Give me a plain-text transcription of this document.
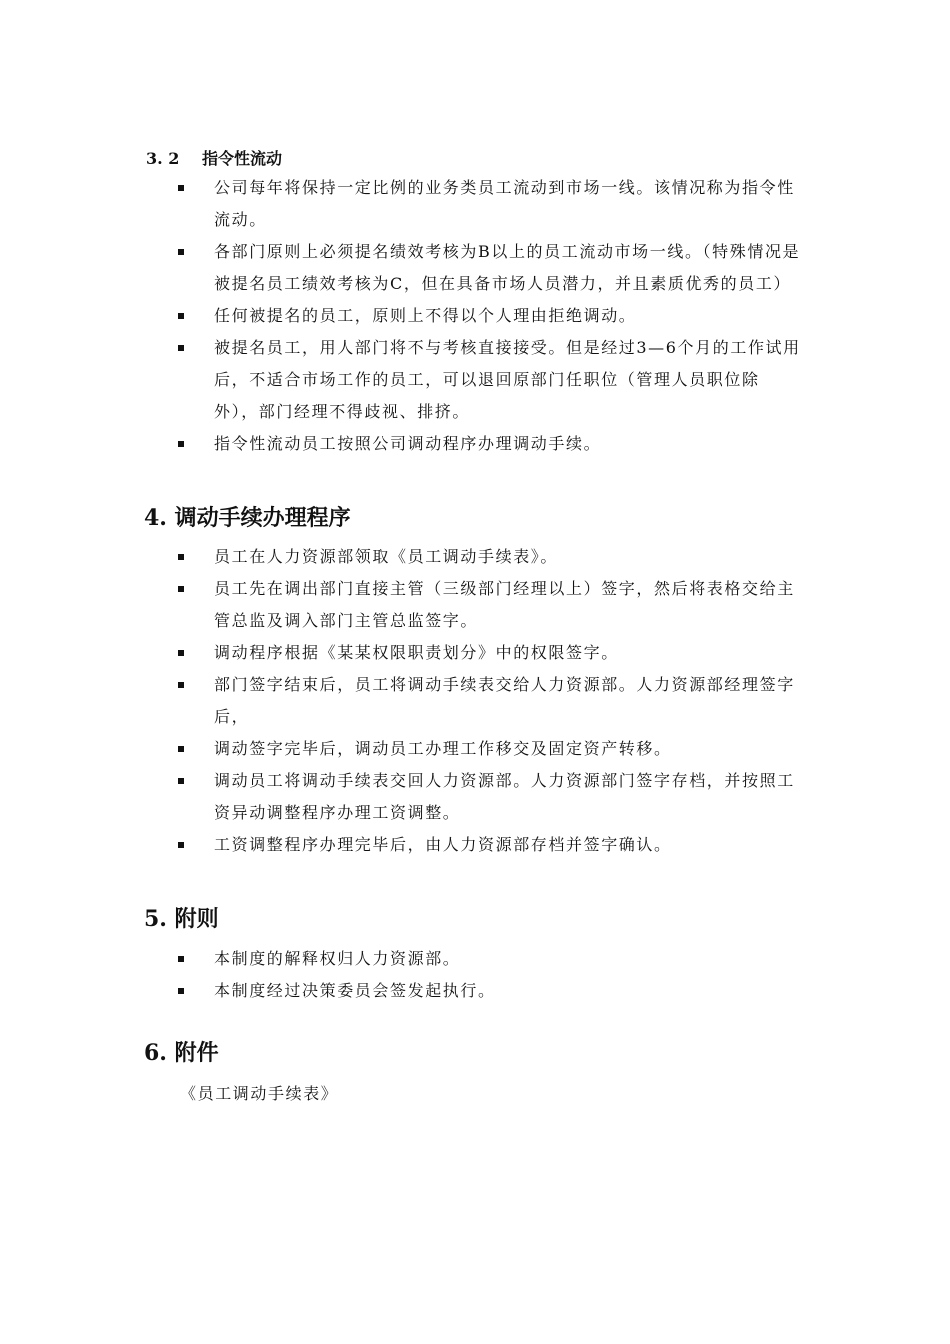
3. 2 指令性流动
公司每年将保持一定比例的业务类员工流动到市场一线。该情况称为指令性流动。
各部门原则上必须提名绩效考核为B以上的员工流动市场一线。（特殊情况是被提名员工绩效考核为C，但在具备市场人员潜力，并且素质优秀的员工）
任何被提名的员工，原则上不得以个人理由拒绝调动。
被提名员工，用人部门将不与考核直接接受。但是经过3—6个月的工作试用后，不适合市场工作的员工，可以退回原部门任职位（管理人员职位除外），部门经理不得歧视、排挤。
指令性流动员工按照公司调动程序办理调动手续。
4. 调动手续办理程序
员工在人力资源部领取《员工调动手续表》。
员工先在调出部门直接主管（三级部门经理以上）签字，然后将表格交给主管总监及调入部门主管总监签字。
调动程序根据《某某权限职责划分》中的权限签字。
部门签字结束后，员工将调动手续表交给人力资源部。人力资源部经理签字后，
调动签字完毕后，调动员工办理工作移交及固定资产转移。
调动员工将调动手续表交回人力资源部。人力资源部门签字存档，并按照工资异动调整程序办理工资调整。
工资调整程序办理完毕后，由人力资源部存档并签字确认。
5. 附则
本制度的解释权归人力资源部。
本制度经过决策委员会签发起执行。
6. 附件
《员工调动手续表》
